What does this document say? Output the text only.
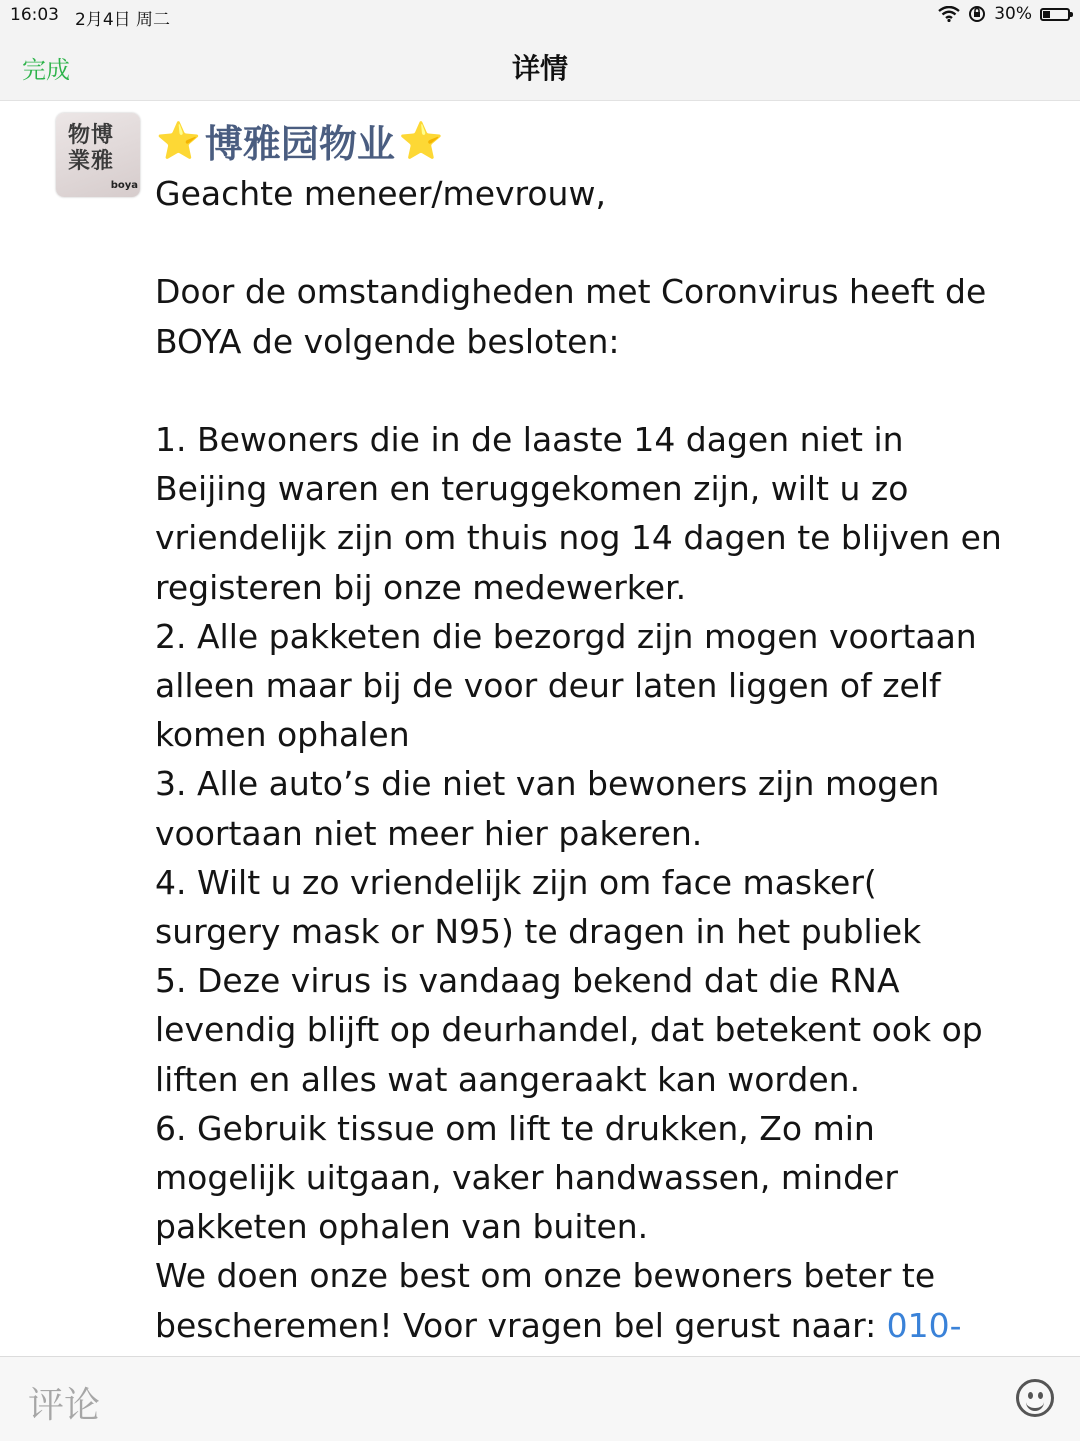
16:03 2月4日 周二	30%
完成	详情
物博
業雅
boya
⭐ 博雅园物业 ⭐
Geachte meneer/mevrouw,

Door de omstandigheden met Coronvirus heeft de
BOYA de volgende besloten:

1. Bewoners die in de laaste 14 dagen niet in
Beijing waren en teruggekomen zijn, wilt u zo
vriendelijk zijn om thuis nog 14 dagen te blijven en
registeren bij onze medewerker.
2. Alle pakketen die bezorgd zijn mogen voortaan
alleen maar bij de voor deur laten liggen of zelf
komen ophalen
3. Alle auto’s die niet van bewoners zijn mogen
voortaan niet meer hier pakeren.
4. Wilt u zo vriendelijk zijn om face masker(
surgery mask or N95) te dragen in het publiek
5. Deze virus is vandaag bekend dat die RNA
levendig blijft op deurhandel, dat betekent ook op
liften en alles wat aangeraakt kan worden.
6. Gebruik tissue om lift te drukken, Zo min
mogelijk uitgaan, vaker handwassen, minder
pakketen ophalen van buiten.
We doen onze best om onze bewoners beter te
bescheremen! Voor vragen bel gerust naar: 010-
评论
